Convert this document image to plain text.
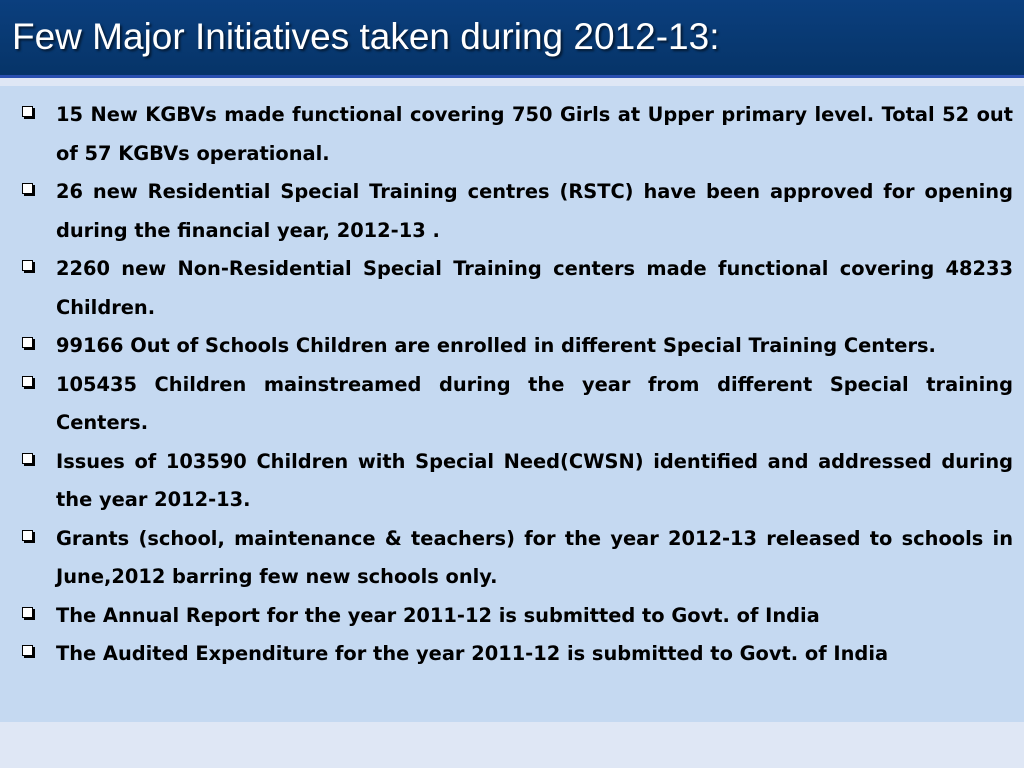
Few Major Initiatives taken during 2012-13:
15 New KGBVs made functional covering 750 Girls at Upper primary level. Total 52 out of 57 KGBVs operational.
26 new Residential Special Training centres (RSTC) have been approved for opening during the financial year, 2012-13 .
2260 new Non-Residential Special Training centers made functional covering 48233 Children.
99166 Out of Schools Children are enrolled in different Special Training Centers.
105435 Children mainstreamed during the year from different Special training Centers.
Issues of 103590 Children with Special Need(CWSN) identified and addressed during the year 2012-13.
Grants (school, maintenance & teachers) for the year 2012-13 released to schools in June,2012 barring few new schools only.
The Annual Report for the year 2011-12 is submitted to Govt. of India
The Audited Expenditure for the year 2011-12 is submitted to Govt. of India
